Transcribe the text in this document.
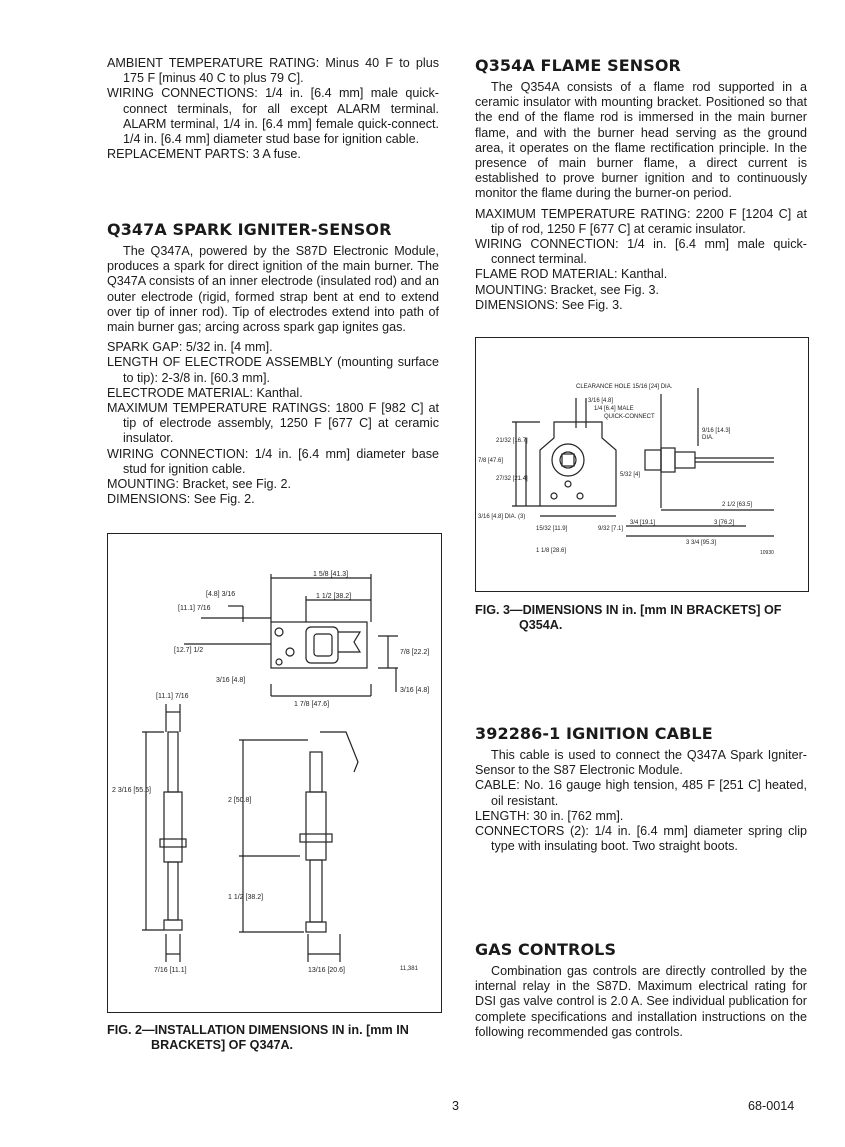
AMBIENT TEMPERATURE RATING: Minus 40 F to plus 175 F [minus 40 C to plus 79 C].

WIRING CONNECTIONS: 1/4 in. [6.4 mm] male quick-connect terminals, for all except ALARM terminal. ALARM terminal, 1/4 in. [6.4 mm] female quick-connect. 1/4 in. [6.4 mm] diameter stud base for ignition cable.

REPLACEMENT PARTS: 3 A fuse.

Q347A SPARK IGNITER-SENSOR

The Q347A, powered by the S87D Electronic Module, produces a spark for direct ignition of the main burner. The Q347A consists of an inner electrode (insulated rod) and an outer electrode (rigid, formed strap bent at end to extend over tip of inner rod). Tip of electrodes extend into path of main burner gas; arcing across spark gap ignites gas.

SPARK GAP: 5/32 in. [4 mm].

LENGTH OF ELECTRODE ASSEMBLY (mounting surface to tip): 2-3/8 in. [60.3 mm].

ELECTRODE MATERIAL: Kanthal.

MAXIMUM TEMPERATURE RATINGS: 1800 F [982 C] at tip of electrode assembly, 1250 F [677 C] at ceramic insulator.

WIRING CONNECTION: 1/4 in. [6.4 mm] diameter base stud for ignition cable.

MOUNTING: Bracket, see Fig. 2.

DIMENSIONS: See Fig. 2.

1 5/8 [41.3]
1 1/2 [38.2]
[4.8] 3/16
[11.1] 7/16
[12.7] 1/2
3/16 [4.8]
7/8 [22.2]
3/16 [4.8]
1 7/8 [47.6]
[11.1] 7/16
2 3/16 [55.6]
2 [50.8]
1 1/2 [38.2]
7/16 [11.1]	13/16 [20.6]	11,381
FIG. 2—INSTALLATION DIMENSIONS IN in. [mm IN
BRACKETS] OF Q347A.
Q354A FLAME SENSOR

The Q354A consists of a flame rod supported in a ceramic insulator with mounting bracket. Positioned so that the end of the flame rod is immersed in the main burner flame, and with the burner head serving as the ground area, it operates on the flame rectification principle. In the presence of main burner flame, a direct current is established to prove burner ignition and to continuously monitor the flame during the burner-on period.

MAXIMUM TEMPERATURE RATING: 2200 F [1204 C] at tip of rod, 1250 F [677 C] at ceramic insulator.

WIRING CONNECTION: 1/4 in. [6.4 mm] male quick-connect terminal.

FLAME ROD MATERIAL: Kanthal.

MOUNTING: Bracket, see Fig. 3.

DIMENSIONS: See Fig. 3.

CLEARANCE HOLE 15/16 [24] DIA.
3/16 [4.8]
1/4 [6.4] MALE
QUICK-CONNECT
9/16 [14.3]
DIA.
21/32 [16.7]
7/8 [47.6]
27/32 [21.4]
5/32 [4]
3/16 [4.8] DIA. (3)
15/32 [11.9]	9/32 [7.1]
1 1/8 [28.6]
2 1/2 [63.5]
3/4 [19.1]	3 [76.2]
3 3/4 [95.3]
10930
FIG. 3—DIMENSIONS IN in. [mm IN BRACKETS] OF
Q354A.
392286-1 IGNITION CABLE

This cable is used to connect the Q347A Spark Igniter-Sensor to the S87 Electronic Module.

CABLE: No. 16 gauge high tension, 485 F [251 C] heated, oil resistant.

LENGTH: 30 in. [762 mm].

CONNECTORS (2): 1/4 in. [6.4 mm] diameter spring clip type with insulating boot. Two straight boots.

GAS CONTROLS

Combination gas controls are directly controlled by the internal relay in the S87D. Maximum electrical rating for DSI gas valve control is 2.0 A. See individual publication for complete specifications and installation instructions on the following recommended gas controls.

3	68-0014
